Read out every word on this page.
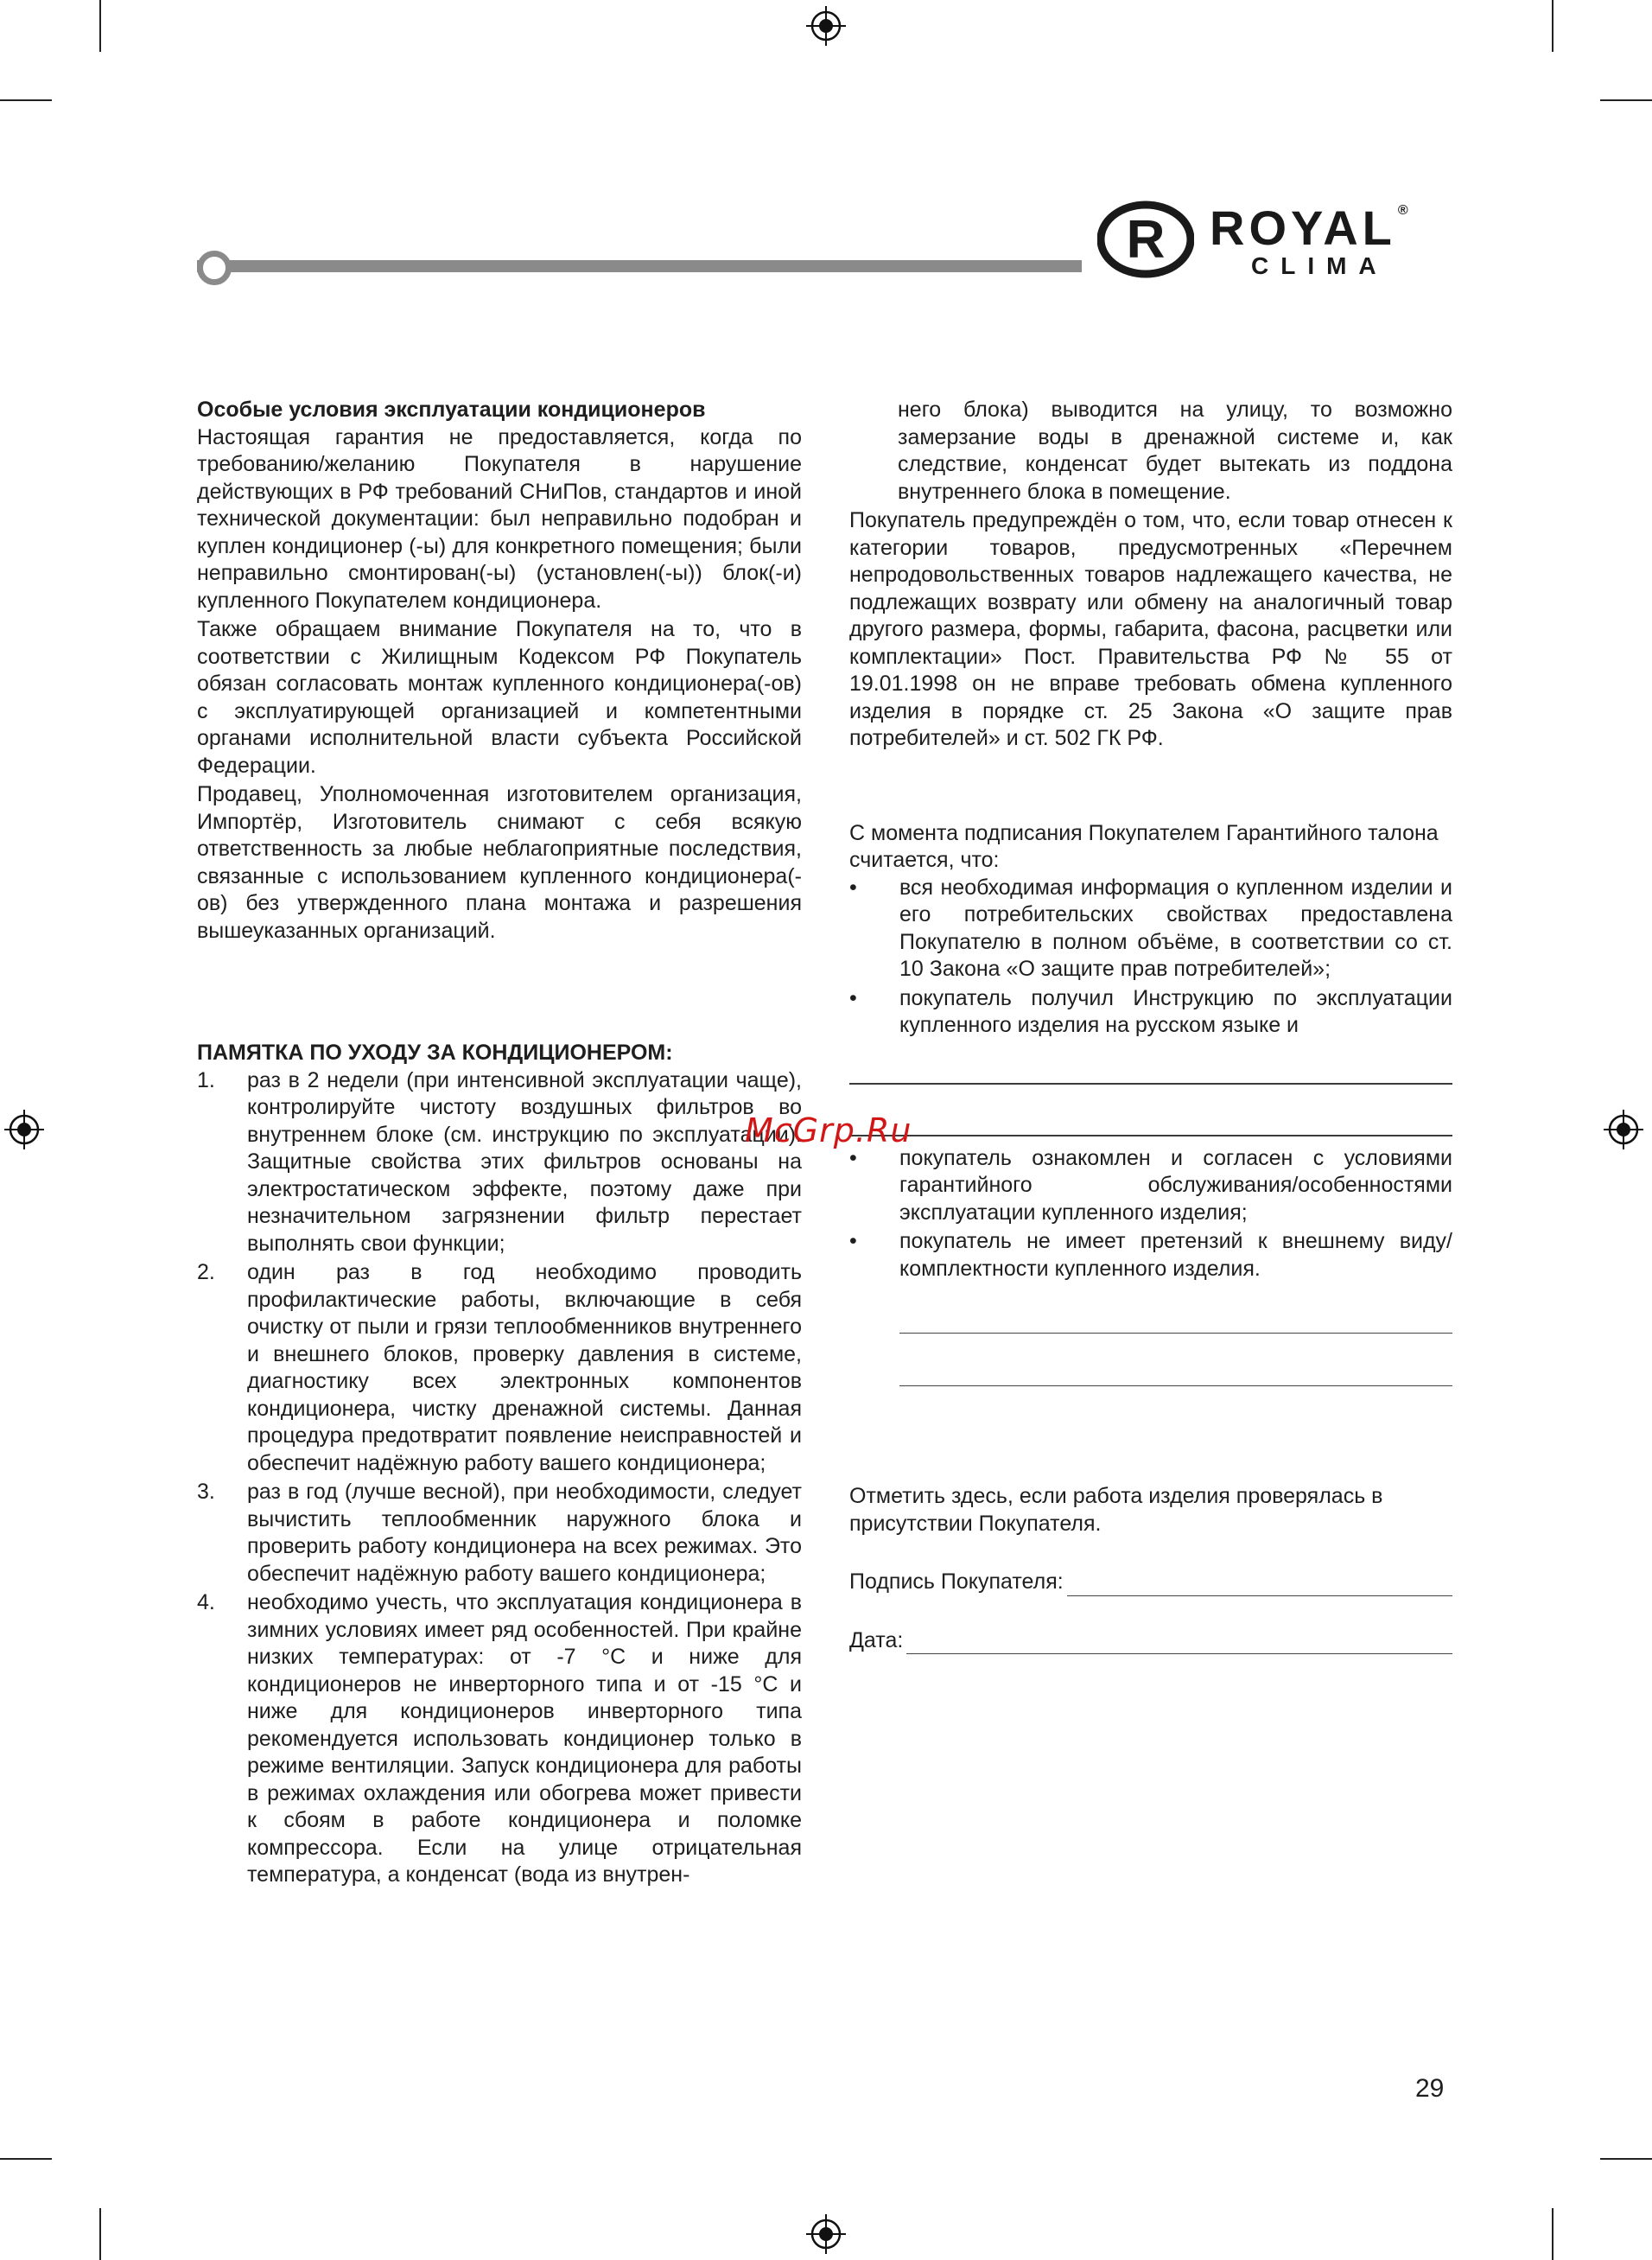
R ROYAL ®
CLIMA
Особые условия эксплуатации кондиционеров

Настоящая гарантия не предоставляется, когда по требованию/желанию Покупателя в нарушение действующих в РФ требований СНиПов, стандартов и иной технической документации: был неправильно подобран и куплен кондиционер (-ы) для конкретного помещения; были неправильно смонтирован(-ы) (установлен(-ы)) блок(-и) купленного Покупателем кондиционера.

Также обращаем внимание Покупателя на то, что в соответствии с Жилищным Кодексом РФ Покупатель обязан согласовать монтаж купленного кондиционера(-ов) с эксплуатирующей организацией и компетентными органами исполнительной власти субъекта Российской Федерации.

Продавец, Уполномоченная изготовителем организация, Импортёр, Изготовитель снимают с себя всякую ответственность за любые неблагоприятные последствия, связанные с использованием купленного кондиционера(-ов) без утвержденного плана монтажа и разрешения вышеуказанных организаций.

ПАМЯТКА ПО УХОДУ ЗА КОНДИЦИОНЕРОМ:
1. раз в 2 недели (при интенсивной эксплуатации чаще), контролируйте чистоту воздушных фильтров во внутреннем блоке (см. инструкцию по эксплуатации). Защитные свойства этих фильтров основаны на электростатическом эффекте, поэтому даже при незначительном загрязнении фильтр перестает выполнять свои функции;
2. один раз в год необходимо проводить профилактические работы, включающие в себя очистку от пыли и грязи теплообменников внутреннего и внешнего блоков, проверку давления в системе, диагностику всех электронных компонентов кондиционера, чистку дренажной системы. Данная процедура предотвратит появление неисправностей и обеспечит надёжную работу вашего кондиционера;
3. раз в год (лучше весной), при необходимости, следует вычистить теплообменник наружного блока и проверить работу кондиционера на всех режимах. Это обеспечит надёжную работу вашего кондиционера;
4. необходимо учесть, что эксплуатация кондиционера в зимних условиях имеет ряд особенностей. При крайне низких температурах: от -7 °С и ниже для кондиционеров не инверторного типа и от -15 °С и ниже для кондиционеров инверторного типа рекомендуется использовать кондиционер только в режиме вентиляции. Запуск кондиционера для работы в режимах охлаждения или обогрева может привести к сбоям в работе кондиционера и поломке компрессора. Если на улице отрицательная температура, а конденсат (вода из внутрен-

него блока) выводится на улицу, то возможно замерзание воды в дренажной системе и, как следствие, конденсат будет вытекать из поддона внутреннего блока в помещение.

Покупатель предупреждён о том, что, если товар отнесен к категории товаров, предусмотренных «Перечнем непродовольственных товаров надлежащего качества, не подлежащих возврату или обмену на аналогичный товар другого размера, формы, габарита, фасона, расцветки или комплектации» Пост. Правительства РФ № 55 от 19.01.1998 он не вправе требовать обмена купленного изделия в порядке ст. 25 Закона «О защите прав потребителей» и ст. 502 ГК РФ.

С момента подписания Покупателем Гарантийного талона считается, что:

• вся необходимая информация о купленном изделии и его потребительских свойствах предоставлена Покупателю в полном объёме, в соответствии со ст. 10 Закона «О защите прав потребителей»;
• покупатель получил Инструкцию по эксплуатации купленного изделия на русском языке и
• покупатель ознакомлен и согласен с условиями гарантийного обслуживания/особенностями эксплуатации купленного изделия;
• покупатель не имеет претензий к внешнему виду/комплектности купленного изделия.

Отметить здесь, если работа изделия проверялась в присутствии Покупателя.

Подпись Покупателя:
Дата:
McGrp.Ru
29
